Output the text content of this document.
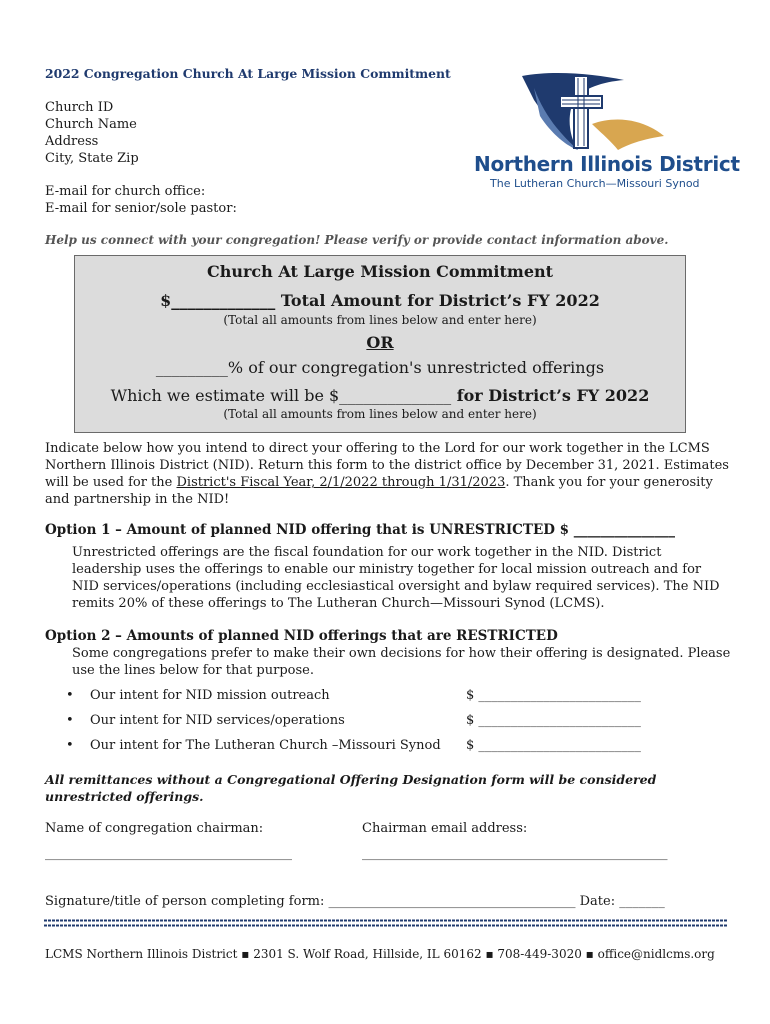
2022 Congregation Church At Large Mission Commitment
Church ID
Church Name
Address
City, State Zip
E-mail for church office:
E-mail for senior/sole pastor:
Northern Illinois District
The Lutheran Church—Missouri Synod
Help us connect with your congregation! Please verify or provide contact information above.
Church At Large Mission Commitment
$_____________ Total Amount for District’s FY 2022
(Total all amounts from lines below and enter here)
OR
_________% of our congregation's unrestricted offerings
Which we estimate will be $______________ for District’s FY 2022
(Total all amounts from lines below and enter here)
Indicate below how you intend to direct your offering to the Lord for our work together in the LCMS Northern Illinois District (NID). Return this form to the district office by December 31, 2021. Estimates will be used for the District's Fiscal Year, 2/1/2022 through 1/31/2023. Thank you for your generosity and partnership in the NID!
Option 1 – Amount of planned NID offering that is UNRESTRICTED $ _______________
Unrestricted offerings are the fiscal foundation for our work together in the NID. District leadership uses the offerings to enable our ministry together for local mission outreach and for NID services/operations (including ecclesiastical oversight and bylaw required services). The NID remits 20% of these offerings to The Lutheran Church—Missouri Synod (LCMS).
Option 2 – Amounts of planned NID offerings that are RESTRICTED
Some congregations prefer to make their own decisions for how their offering is designated. Please use the lines below for that purpose.
• Our intent for NID mission outreach	$ _________________________
• Our intent for NID services/operations	$ _________________________
• Our intent for The Lutheran Church –Missouri Synod $ _________________________
All remittances without a Congregational Offering Designation form will be considered unrestricted offerings.
Name of congregation chairman:	Chairman email address:
______________________________________	_______________________________________________
Signature/title of person completing form: ______________________________________ Date: _______
LCMS Northern Illinois District ▪ 2301 S. Wolf Road, Hillside, IL 60162 ▪ 708-449-3020 ▪ office@nidlcms.org
